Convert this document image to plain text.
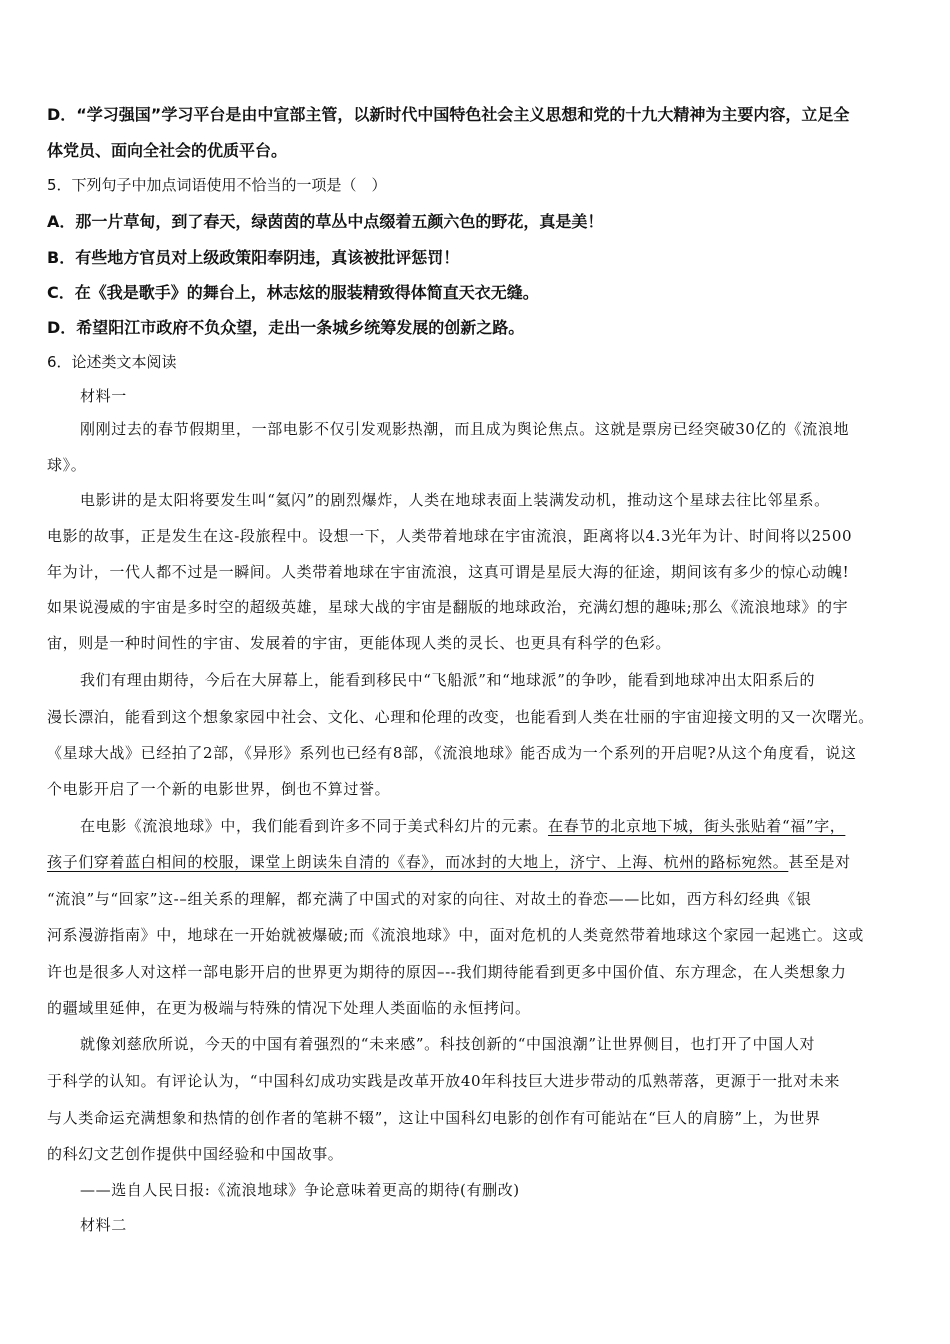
D．“学习强国”学习平台是由中宣部主管，以新时代中国特色社会主义思想和党的十九大精神为主要内容，立足全
体党员、面向全社会的优质平台。
5．下列句子中加点词语使用不恰当的一项是（　）
A．那一片草甸，到了春天，绿茵茵的草丛中点缀着五颜六色的野花，真是美！
B．有些地方官员对上级政策阳奉阴违，真该被批评惩罚！
C．在《我是歌手》的舞台上，林志炫的服装精致得体简直天衣无缝。
D．希望阳江市政府不负众望，走出一条城乡统筹发展的创新之路。
6．论述类文本阅读
材料一
刚刚过去的春节假期里，一部电影不仅引发观影热潮，而且成为舆论焦点。这就是票房已经突破30亿的《流浪地
球》。
电影讲的是太阳将要发生叫“氦闪”的剧烈爆炸，人类在地球表面上装满发动机，推动这个星球去往比邻星系。
电影的故事，正是发生在这-段旅程中。设想一下，人类带着地球在宇宙流浪，距离将以4.3光年为计、时间将以2500
年为计，一代人都不过是一瞬间。人类带着地球在宇宙流浪，这真可谓是星辰大海的征途，期间该有多少的惊心动魄!
如果说漫威的宇宙是多时空的超级英雄，星球大战的宇宙是翻版的地球政治，充满幻想的趣味;那么《流浪地球》的宇
宙，则是一种时间性的宇宙、发展着的宇宙，更能体现人类的灵长、也更具有科学的色彩。
我们有理由期待，今后在大屏幕上，能看到移民中“飞船派”和“地球派”的争吵，能看到地球冲出太阳系后的
漫长漂泊，能看到这个想象家园中社会、文化、心理和伦理的改变，也能看到人类在壮丽的宇宙迎接文明的又一次曙光。
《星球大战》已经拍了2部，《异形》系列也已经有8部，《流浪地球》能否成为一个系列的开启呢?从这个角度看，说这
个电影开启了一个新的电影世界，倒也不算过誉。
在电影《流浪地球》中，我们能看到许多不同于美式科幻片的元素。在春节的北京地下城，街头张贴着“福”字，
孩子们穿着蓝白相间的校服，课堂上朗读朱自清的《春》，而冰封的大地上，济宁、上海、杭州的路标宛然。甚至是对
“流浪”与“回家”这-–组关系的理解，都充满了中国式的对家的向往、对故土的眷恋——比如，西方科幻经典《银
河系漫游指南》中，地球在一开始就被爆破;而《流浪地球》中，面对危机的人类竟然带着地球这个家园一起逃亡。这或
许也是很多人对这样一部电影开启的世界更为期待的原因–--我们期待能看到更多中国价值、东方理念，在人类想象力
的疆域里延伸，在更为极端与特殊的情况下处理人类面临的永恒拷问。
就像刘慈欣所说，今天的中国有着强烈的“未来感”。科技创新的“中国浪潮”让世界侧目，也打开了中国人对
于科学的认知。有评论认为，“中国科幻成功实践是改革开放40年科技巨大进步带动的瓜熟蒂落，更源于一批对未来
与人类命运充满想象和热情的创作者的笔耕不辍”，这让中国科幻电影的创作有可能站在“巨人的肩膀”上，为世界
的科幻文艺创作提供中国经验和中国故事。
——选自人民日报:《流浪地球》争论意味着更高的期待(有删改)
材料二
